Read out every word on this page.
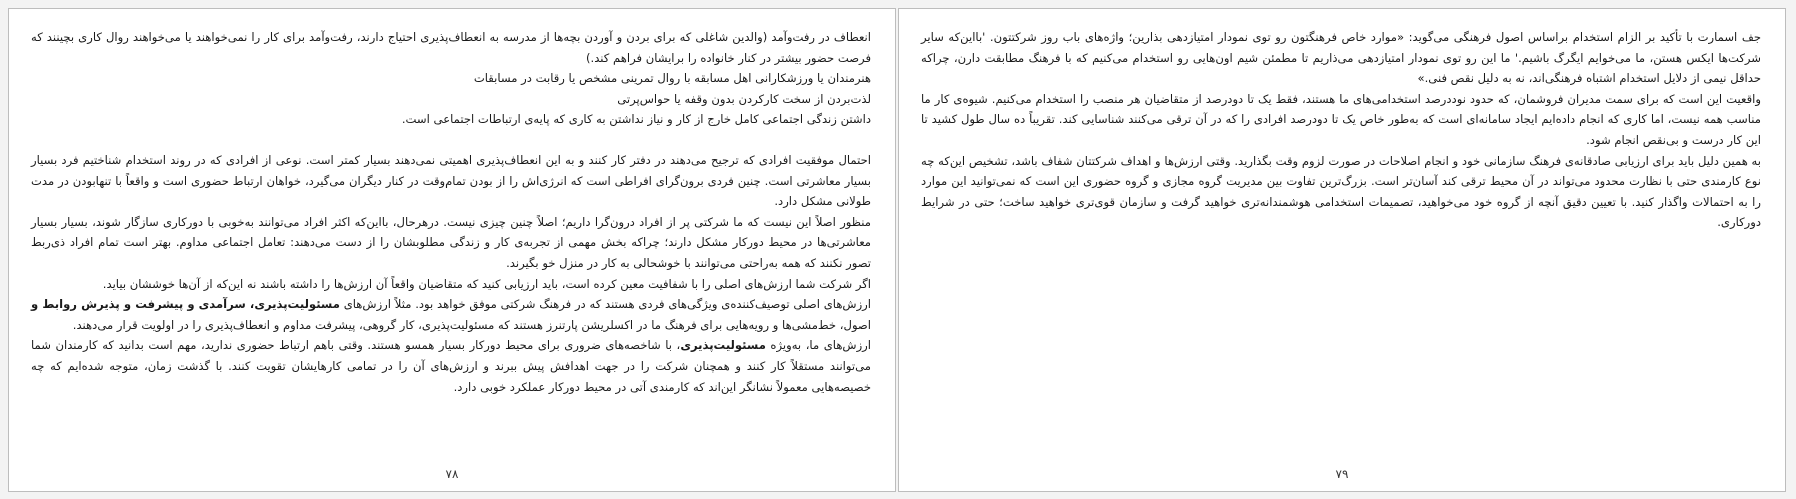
انعطاف در رفت‌وآمد (والدین شاغلی که برای بردن و آوردن بچه‌ها از مدرسه به انعطاف‌پذیری احتیاج دارند، رفت‌وآمد برای کار را نمی‌خواهند یا می‌خواهند روال کاری بچینند که فرصت حضور بیشتر در کنار خانواده را برایشان فراهم کند.)

هنرمندان یا ورزشکارانی اهل مسابقه با روال تمرینی مشخص یا رقابت در مسابقات

لذت‌بردن از سخت کارکردن بدون وقفه یا حواس‌پرتی

داشتن زندگی اجتماعی کامل خارج از کار و نیاز نداشتن به کاری که پایه‌ی ارتباطات اجتماعی است.

احتمال موفقیت افرادی که ترجیح می‌دهند در دفتر کار کنند و به این انعطاف‌پذیری اهمیتی نمی‌دهند بسیار کمتر است. نوعی از افرادی که در روند استخدام شناختیم فرد بسیار بسیار معاشرتی است. چنین فردی برون‌گرای افراطی است که انرژی‌اش را از بودن تمام‌وقت در کنار دیگران می‌گیرد، خواهان ارتباط حضوری است و واقعاً با تنهابودن در مدت طولانی مشکل دارد.

منظور اصلاً این نیست که ما شرکتی پر از افراد درون‌گرا داریم؛ اصلاً چنین چیزی نیست. درهرحال، بااین‌که اکثر افراد می‌توانند به‌خوبی با دورکاری سازگار شوند، بسیار بسیار معاشرتی‌ها در محیط دورکار مشکل دارند؛ چراکه بخش مهمی از تجربه‌ی کار و زندگی مطلوبشان را از دست می‌دهند: تعامل اجتماعی مداوم. بهتر است تمام افراد ذی‌ربط تصور نکنند که همه به‌راحتی می‌توانند با خوشحالی به کار در منزل خو بگیرند.

اگر شرکت شما ارزش‌های اصلی را با شفافیت معین کرده است، باید ارزیابی کنید که متقاضیان واقعاً آن ارزش‌ها را داشته باشند نه این‌که از آن‌ها خوششان بیاید.

ارزش‌های اصلی توصیف‌کننده‌ی ویژگی‌های فردی هستند که در فرهنگ شرکتی موفق خواهد بود. مثلاً ارزش‌های مسئولیت‌پذیری، سرآمدی و پیشرفت و پذیرش روابط و اصول، خط‌مشی‌ها و رویه‌هایی برای فرهنگ ما در اکسلریشن پارتنرز هستند که مسئولیت‌پذیری، کار گروهی، پیشرفت مداوم و انعطاف‌پذیری را در اولویت قرار می‌دهند.

ارزش‌های ما، به‌ویژه مسئولیت‌پذیری، با شاخصه‌های ضروری برای محیط دورکار بسیار همسو هستند. وقتی باهم ارتباط حضوری ندارید، مهم است بدانید که کارمندان شما می‌توانند مستقلاً کار کنند و همچنان شرکت را در جهت اهدافش پیش ببرند و ارزش‌های آن را در تمامی کارهایشان تقویت کنند. با گذشت زمان، متوجه شده‌ایم که چه خصیصه‌هایی معمولاً نشانگر این‌اند که کارمندی آتی در محیط دورکار عملکرد خوبی دارد.

۷۸

جف اسمارت با تأکید بر الزام استخدام براساس اصول فرهنگی می‌گوید: «موارد خاص فرهنگتون رو توی نمودار امتیازدهی بذارین؛ واژه‌های باب روز شرکتتون. 'بااین‌که سایر شرکت‌ها ایکس هستن، ما می‌خوایم ایگرگ باشیم.' ما این رو توی نمودار امتیازدهی می‌ذاریم تا مطمئن شیم اون‌هایی رو استخدام می‌کنیم که با فرهنگ مطابقت دارن، چراکه حداقل نیمی از دلایل استخدام اشتباه فرهنگی‌اند، نه به دلیل نقص فنی.»

واقعیت این است که برای سمت مدیران فروشمان، که حدود نوددرصد استخدامی‌های ما هستند، فقط یک تا دودرصد از متقاضیان هر منصب را استخدام می‌کنیم. شیوه‌ی کار ما مناسب همه نیست، اما کاری که انجام داده‌ایم ایجاد سامانه‌ای است که به‌طور خاص یک تا دودرصد افرادی را که در آن ترقی می‌کنند شناسایی کند. تقریباً ده سال طول کشید تا این کار درست و بی‌نقص انجام شود.

به همین دلیل باید برای ارزیابی صادقانه‌ی فرهنگ سازمانی خود و انجام اصلاحات در صورت لزوم وقت بگذارید. وقتی ارزش‌ها و اهداف شرکتتان شفاف باشد، تشخیص این‌که چه نوع کارمندی حتی با نظارت محدود می‌تواند در آن محیط ترقی کند آسان‌تر است. بزرگ‌ترین تفاوت بین مدیریت گروه مجازی و گروه حضوری این است که نمی‌توانید این موارد را به احتمالات واگذار کنید. با تعیین دقیق آنچه از گروه خود می‌خواهید، تصمیمات استخدامی هوشمندانه‌تری خواهید گرفت و سازمان قوی‌تری خواهید ساخت؛ حتی در شرایط دورکاری.

۷۹
